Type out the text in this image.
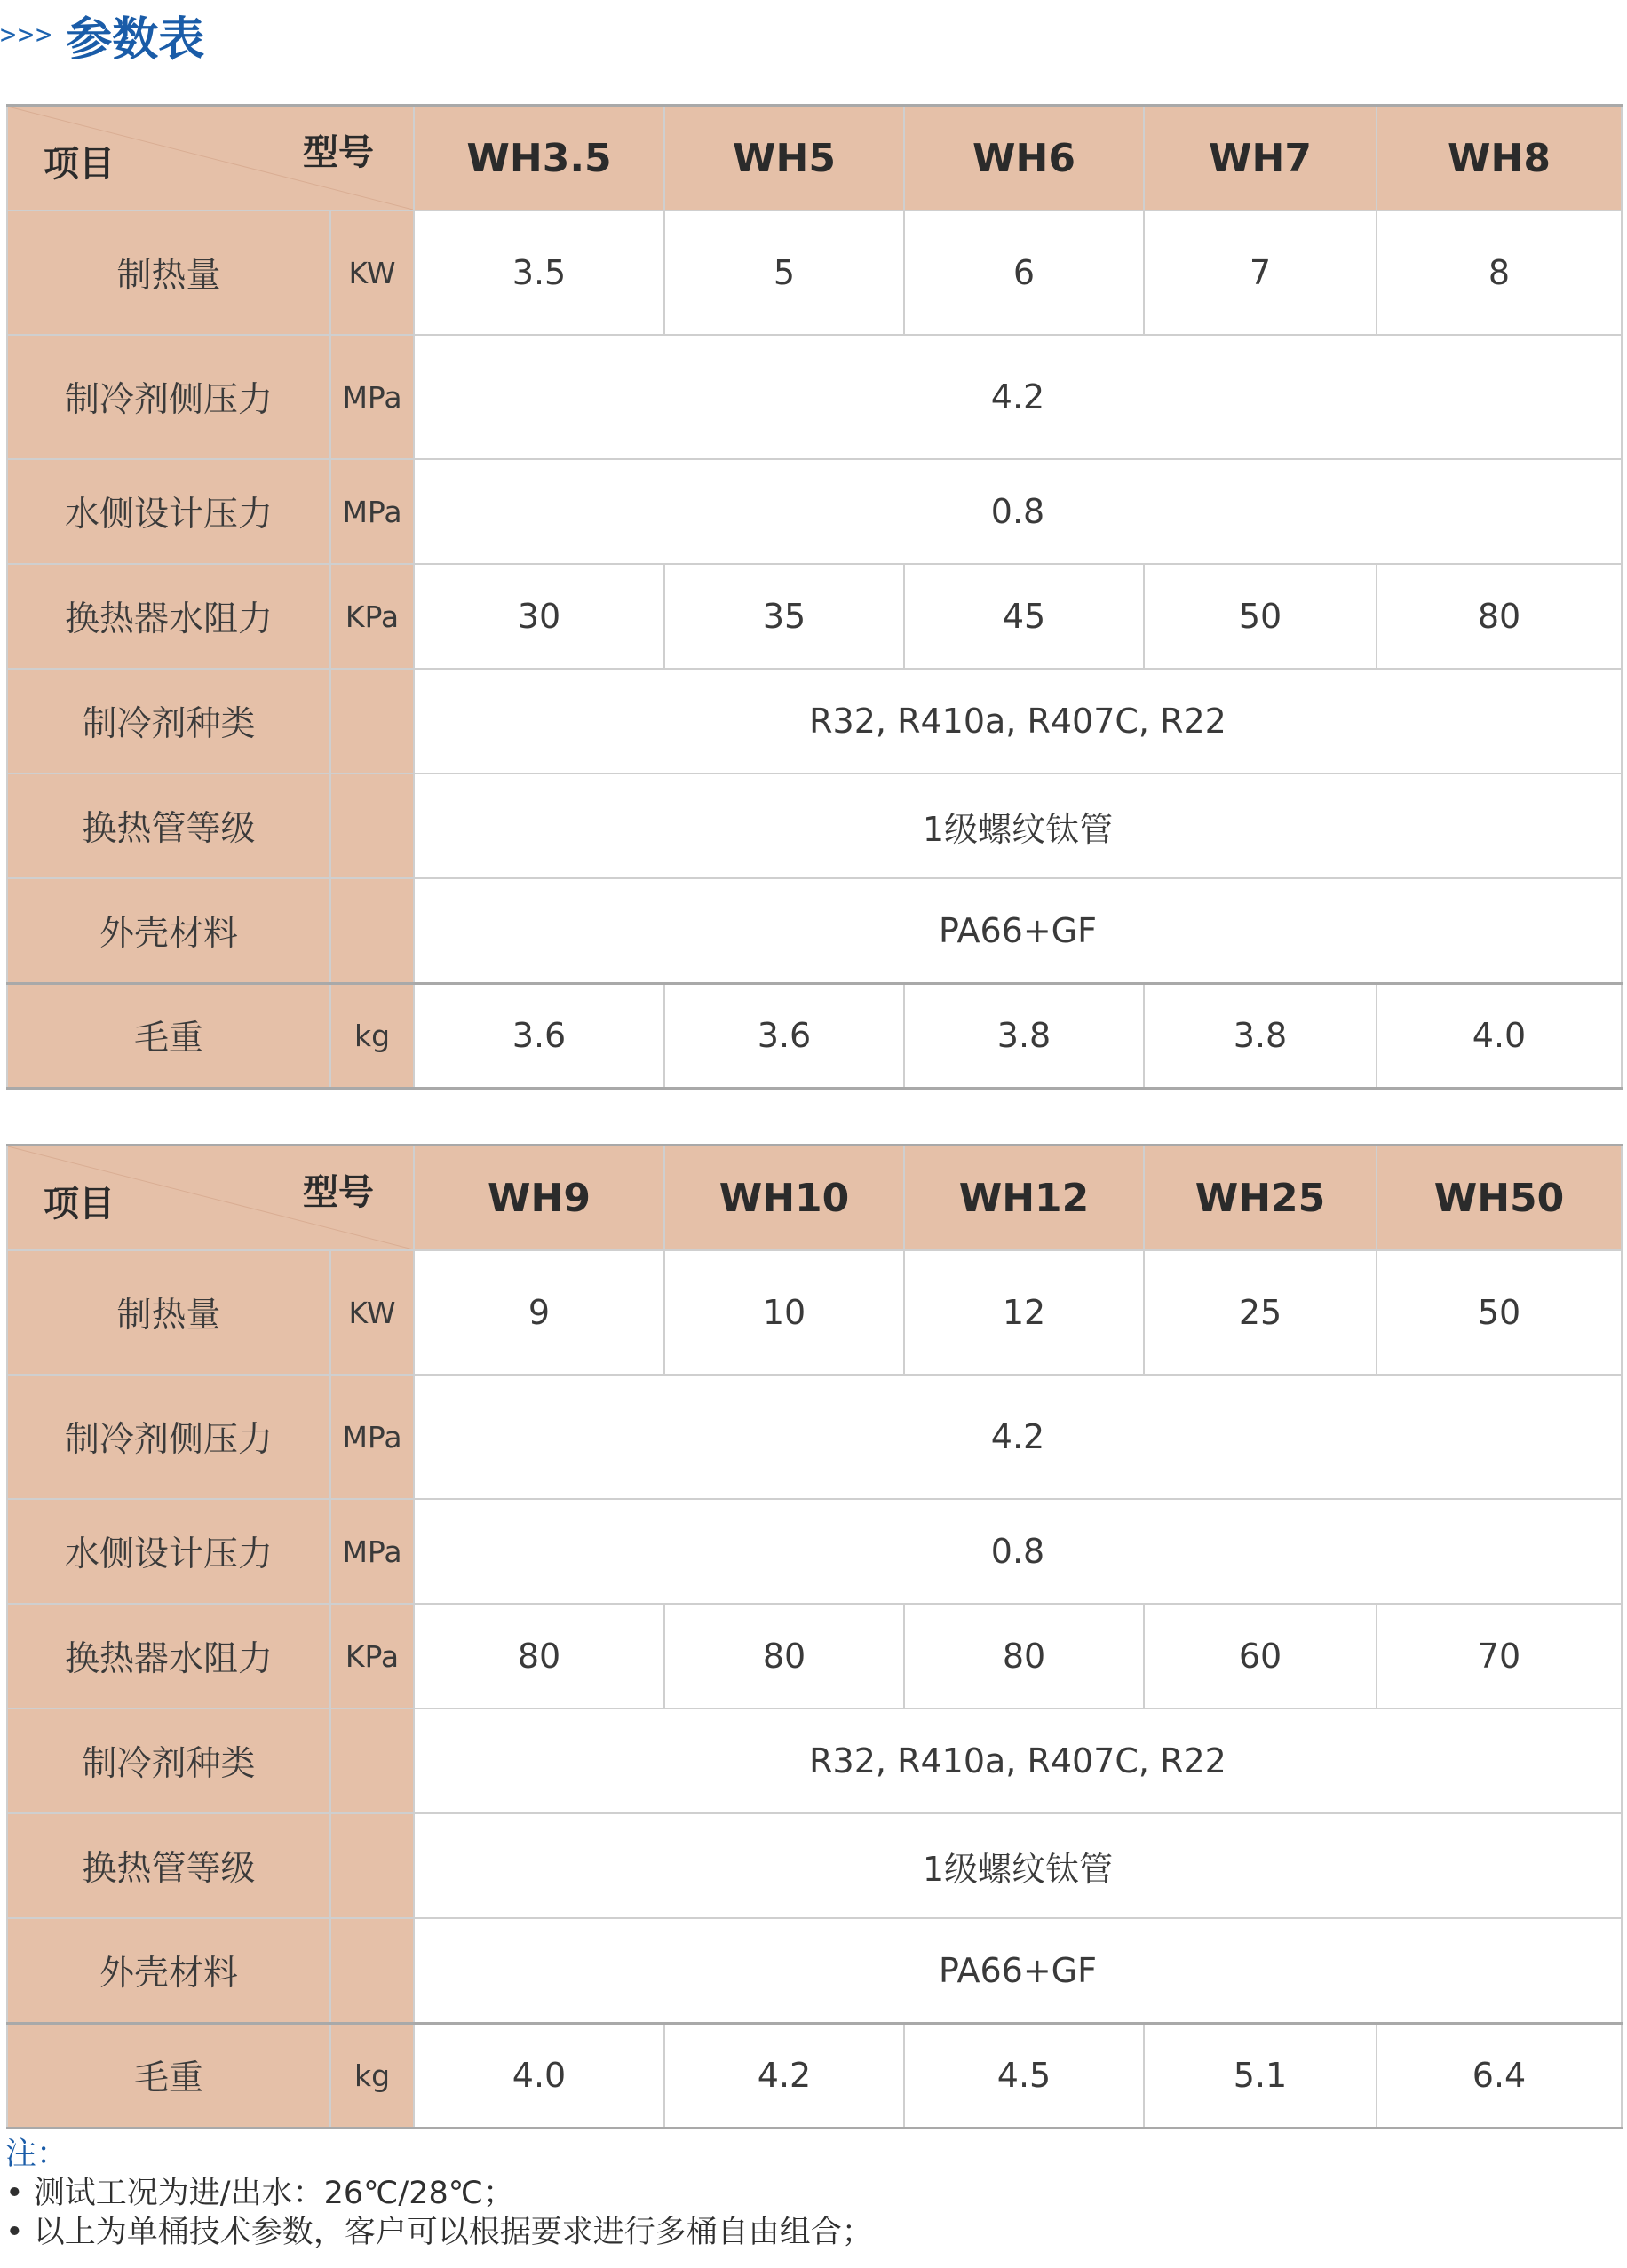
>>> 参数表
项目 型号		WH3.5	WH5	WH6	WH7	WH8
制热量	KW	3.5	5	6	7	8
制冷剂侧压力	MPa	4.2				
水侧设计压力	MPa	0.8				
换热器水阻力	KPa	30	35	45	50	80
制冷剂种类		R32, R410a, R407C, R22				
换热管等级		1级螺纹钛管				
外壳材料		PA66+GF				
毛重	kg	3.6	3.6	3.8	3.8	4.0
项目 型号		WH9	WH10	WH12	WH25	WH50
制热量	KW	9	10	12	25	50
制冷剂侧压力	MPa	4.2				
水侧设计压力	MPa	0.8				
换热器水阻力	KPa	80	80	80	60	70
制冷剂种类		R32, R410a, R407C, R22				
换热管等级		1级螺纹钛管				
外壳材料		PA66+GF				
毛重	kg	4.0	4.2	4.5	5.1	6.4
注：
• 测试工况为进/出水：26℃/28℃；
• 以上为单桶技术参数，客户可以根据要求进行多桶自由组合；
